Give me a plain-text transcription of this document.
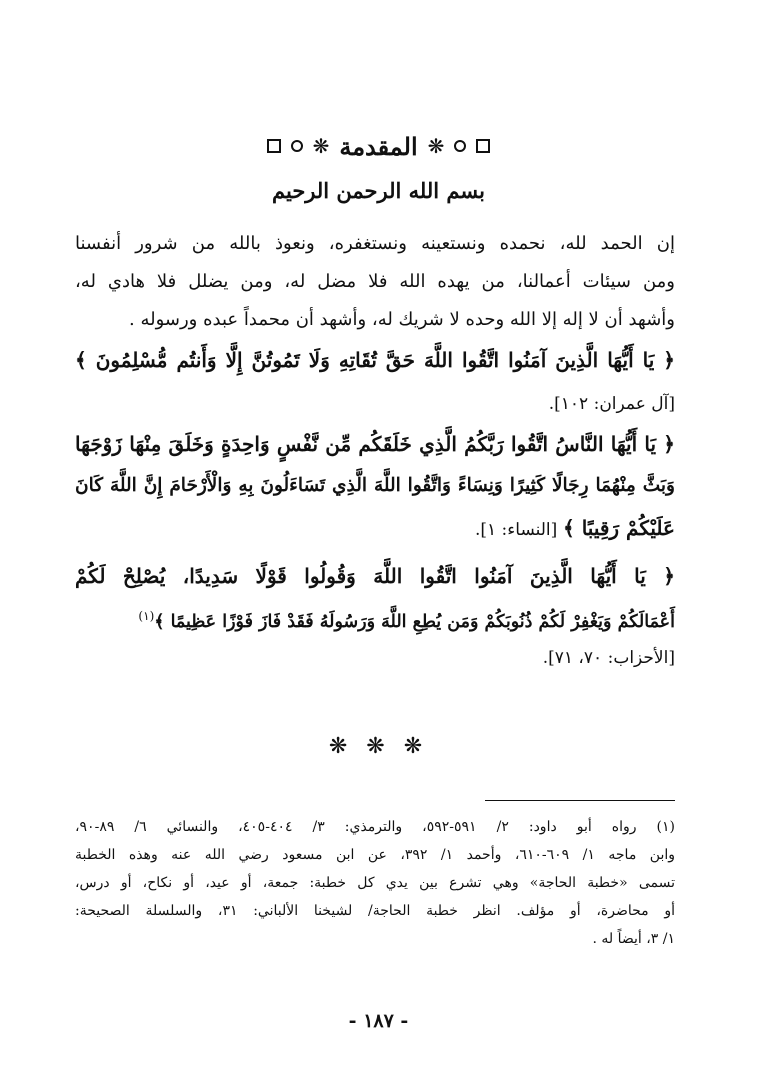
❋ المقدمة ❋
بسم الله الرحمن الرحيم
إن الحمد لله، نحمده ونستعينه ونستغفره، ونعوذ بالله من شرور أنفسنا
ومن سيئات أعمالنا، من يهده الله فلا مضل له، ومن يضلل فلا هادي له،
وأشهد أن لا إله إلا الله وحده لا شريك له، وأشهد أن محمداً عبده ورسوله .
﴿ يَا أَيُّهَا الَّذِينَ آمَنُوا اتَّقُوا اللَّهَ حَقَّ تُقَاتِهِ وَلَا تَمُوتُنَّ إِلَّا وَأَنتُم مُّسْلِمُونَ ﴾
[آل عمران: ١٠٢].
﴿ يَا أَيُّهَا النَّاسُ اتَّقُوا رَبَّكُمُ الَّذِي خَلَقَكُم مِّن نَّفْسٍ وَاحِدَةٍ وَخَلَقَ مِنْهَا زَوْجَهَا
وَبَثَّ مِنْهُمَا رِجَالًا كَثِيرًا وَنِسَاءً وَاتَّقُوا اللَّهَ الَّذِي تَسَاءَلُونَ بِهِ وَالْأَرْحَامَ إِنَّ اللَّهَ كَانَ
عَلَيْكُمْ رَقِيبًا ﴾ [النساء: ١].
﴿ يَا أَيُّهَا الَّذِينَ آمَنُوا اتَّقُوا اللَّهَ وَقُولُوا قَوْلًا سَدِيدًا، يُصْلِحْ لَكُمْ
أَعْمَالَكُمْ وَيَغْفِرْ لَكُمْ ذُنُوبَكُمْ وَمَن يُطِعِ اللَّهَ وَرَسُولَهُ فَقَدْ فَازَ فَوْزًا عَظِيمًا ﴾$^{(١)}$
[الأحزاب: ٧٠، ٧١].
❋ ❋ ❋
(١) رواه أبو داود: ٢/ ٥٩١-٥٩٢، والترمذي: ٣/ ٤٠٤-٤٠٥، والنسائي ٦/ ٨٩-٩٠،
وابن ماجه ١/ ٦٠٩-٦١٠، وأحمد ١/ ٣٩٢، عن ابن مسعود رضي الله عنه وهذه الخطبة
تسمى «خطبة الحاجة» وهي تشرع بين يدي كل خطبة: جمعة، أو عيد، أو نكاح، أو درس،
أو محاضرة، أو مؤلف. انظر خطبة الحاجة/ لشيخنا الألباني: ٣١، والسلسلة الصحيحة:
١/ ٣، أيضاً له .
- ١٨٧ -
